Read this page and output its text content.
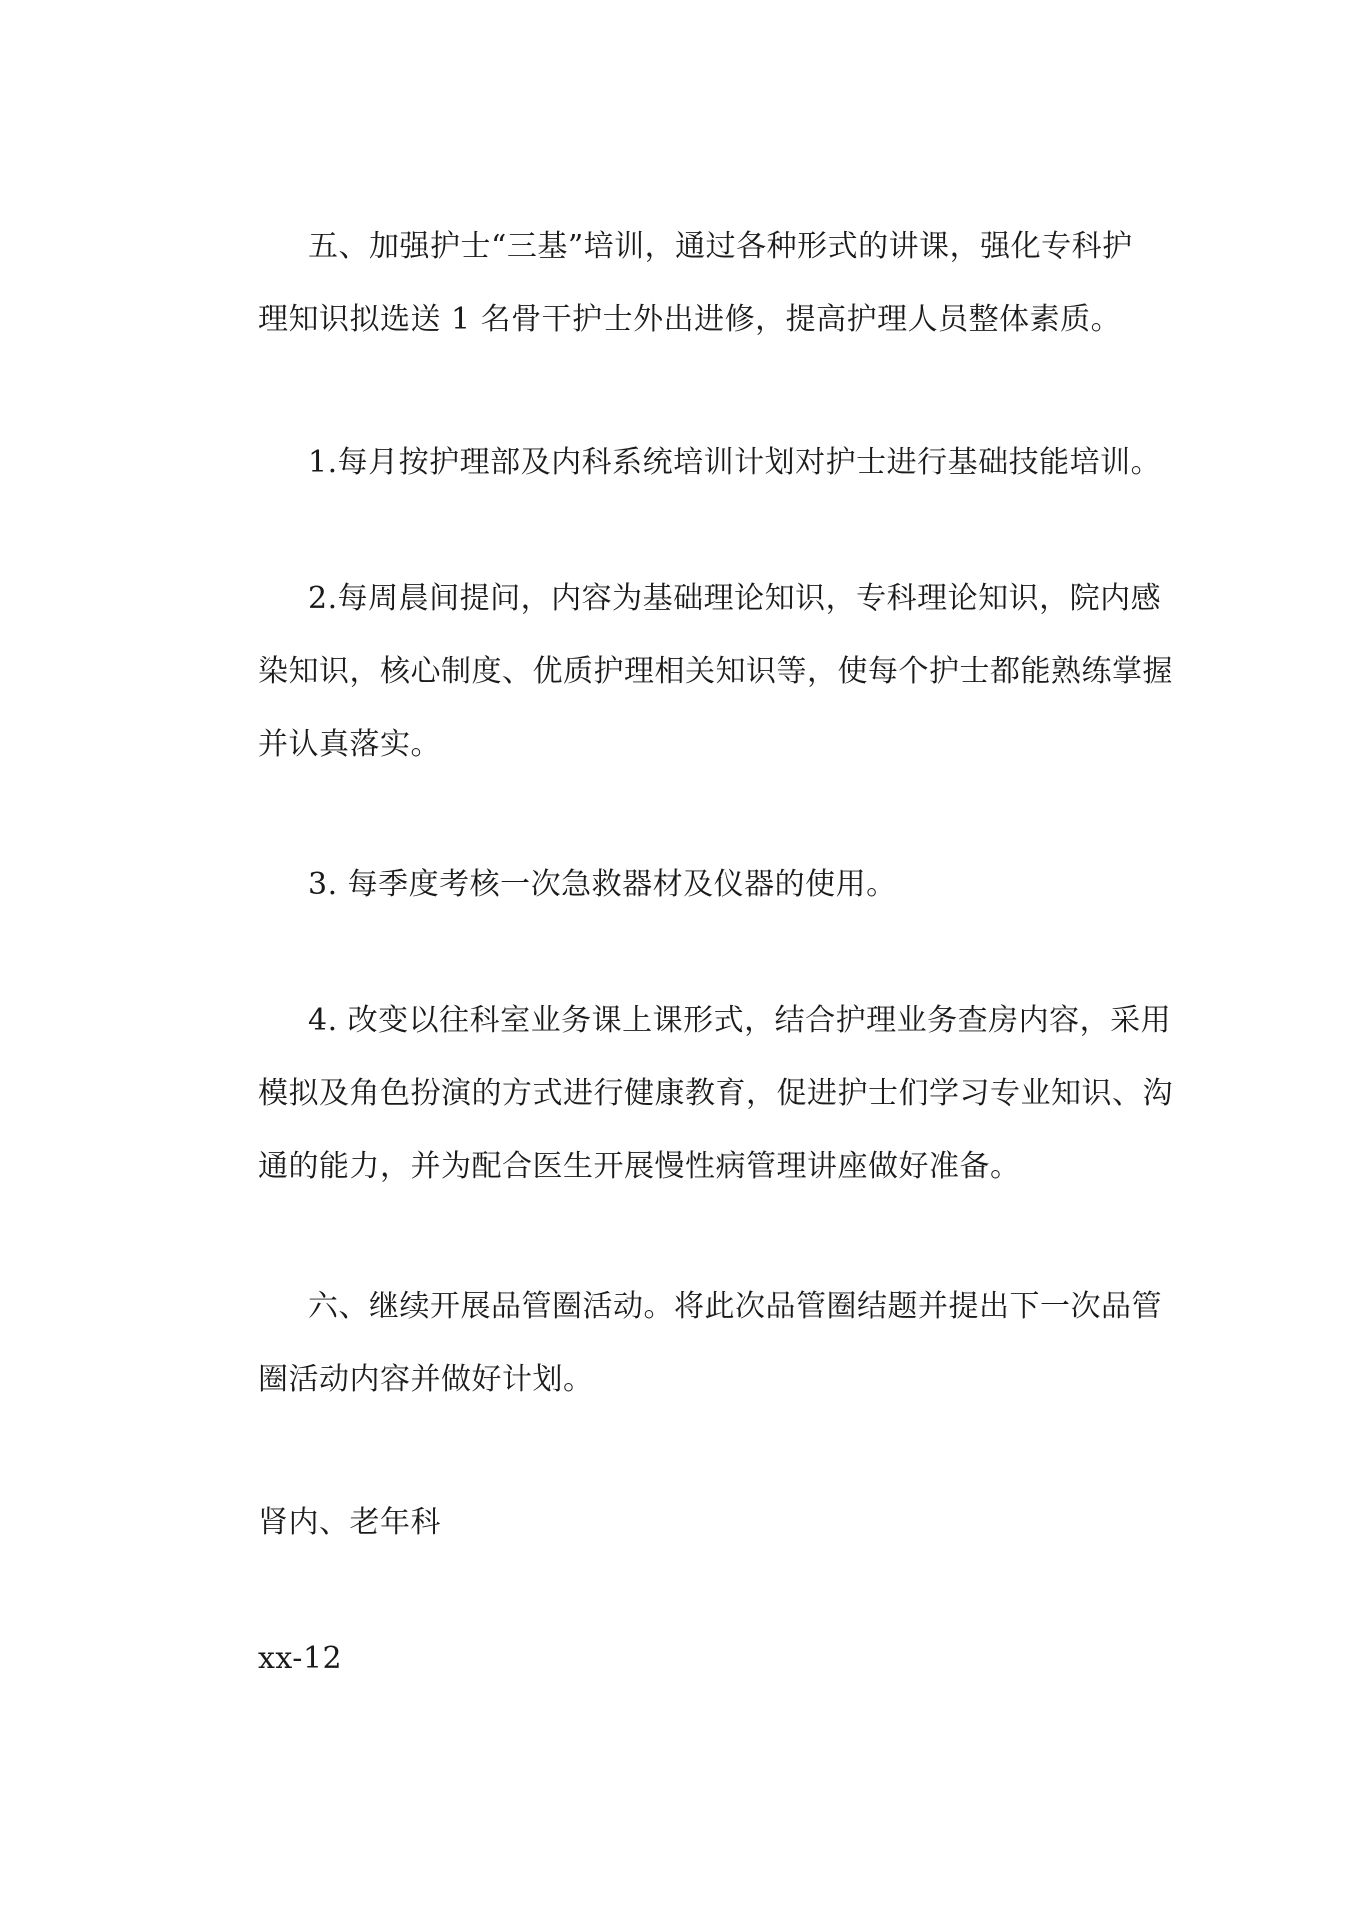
五、加强护士“三基”培训，通过各种形式的讲课，强化专科护
理知识拟选送 1 名骨干护士外出进修，提高护理人员整体素质。

1.每月按护理部及内科系统培训计划对护士进行基础技能培训。

2.每周晨间提问，内容为基础理论知识，专科理论知识，院内感
染知识，核心制度、优质护理相关知识等，使每个护士都能熟练掌握
并认真落实。

3. 每季度考核一次急救器材及仪器的使用。

4. 改变以往科室业务课上课形式，结合护理业务查房内容，采用
模拟及角色扮演的方式进行健康教育，促进护士们学习专业知识、沟
通的能力，并为配合医生开展慢性病管理讲座做好准备。

六、继续开展品管圈活动。将此次品管圈结题并提出下一次品管
圈活动内容并做好计划。

肾内、老年科

xx-12
